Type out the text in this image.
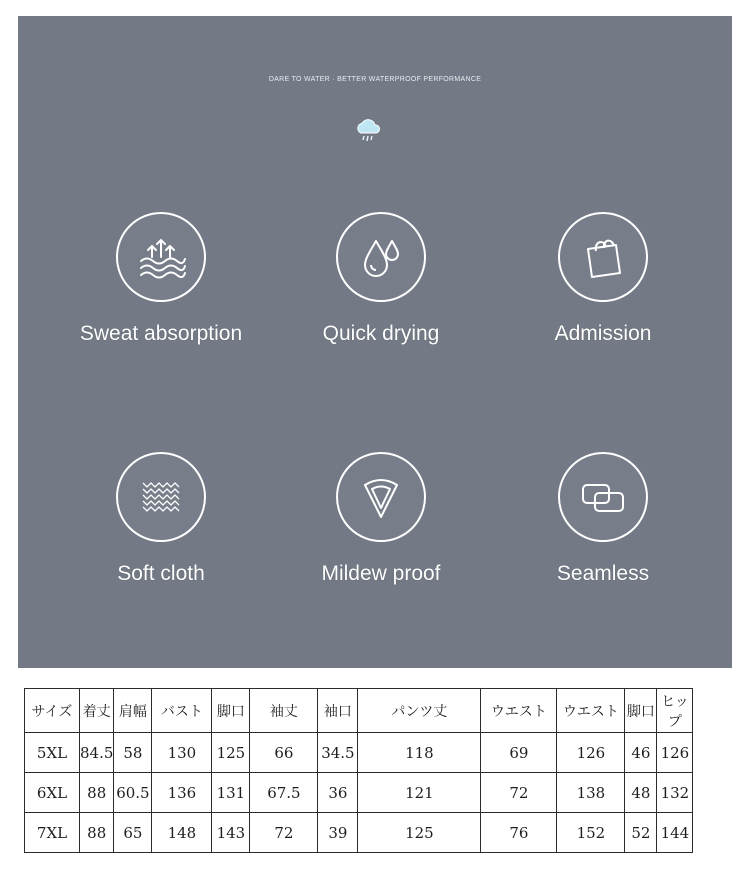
DARE TO WATER · BETTER WATERPROOF PERFORMANCE
Sweat absorption	Quick drying	Admission
Soft cloth	Mildew proof	Seamless
サイズ	着丈	肩幅	バスト	脚口	袖丈	袖口	パンツ丈	ウエスト	ウエスト	脚口	ヒップ
5XL	84.5	58	130	125	66	34.5	118	69	126	46	126
6XL	88	60.5	136	131	67.5	36	121	72	138	48	132
7XL	88	65	148	143	72	39	125	76	152	52	144
